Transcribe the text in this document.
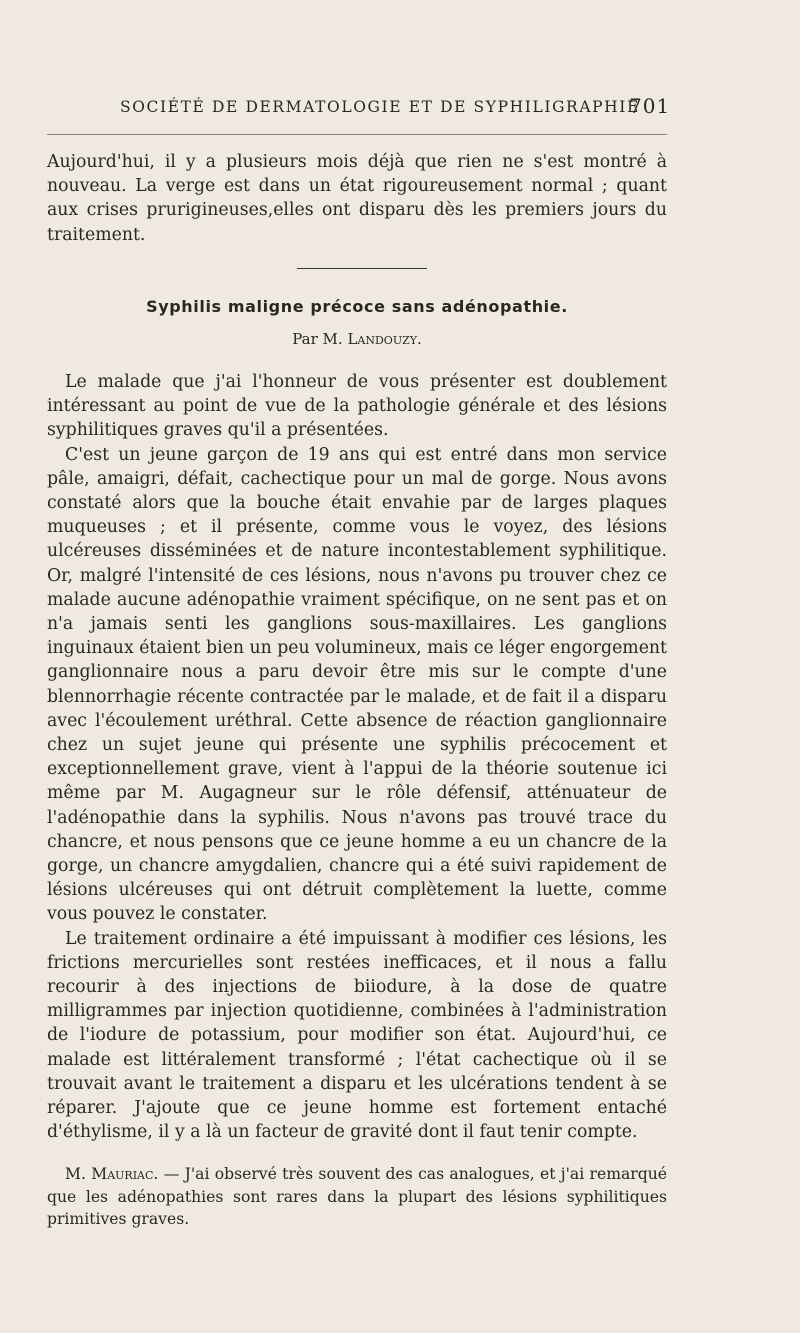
SOCIÉTÉ DE DERMATOLOGIE ET DE SYPHILIGRAPHIE
701

Aujourd'hui, il y a plusieurs mois déjà que rien ne s'est montré à nouveau. La verge est dans un état rigoureusement normal ; quant aux crises prurigineuses,elles ont disparu dès les premiers jours du traitement.

Syphilis maligne précoce sans adénopathie.
Par M. Landouzy.

Le malade que j'ai l'honneur de vous présenter est doublement intéressant au point de vue de la pathologie générale et des lésions syphilitiques graves qu'il a présentées.

C'est un jeune garçon de 19 ans qui est entré dans mon service pâle, amaigri, défait, cachectique pour un mal de gorge. Nous avons constaté alors que la bouche était envahie par de larges plaques muqueuses ; et il présente, comme vous le voyez, des lésions ulcéreuses disséminées et de nature incontestablement syphilitique. Or, malgré l'intensité de ces lésions, nous n'avons pu trouver chez ce malade aucune adénopathie vraiment spécifique, on ne sent pas et on n'a jamais senti les ganglions sous-maxillaires. Les ganglions inguinaux étaient bien un peu volumineux, mais ce léger engorgement ganglionnaire nous a paru devoir être mis sur le compte d'une blennorrhagie récente contractée par le malade, et de fait il a disparu avec l'écoulement uréthral. Cette absence de réaction ganglionnaire chez un sujet jeune qui présente une syphilis précocement et exceptionnellement grave, vient à l'appui de la théorie soutenue ici même par M. Augagneur sur le rôle défensif, atténuateur de l'adénopathie dans la syphilis. Nous n'avons pas trouvé trace du chancre, et nous pensons que ce jeune homme a eu un chancre de la gorge, un chancre amygdalien, chancre qui a été suivi rapidement de lésions ulcéreuses qui ont détruit complètement la luette, comme vous pouvez le constater.

Le traitement ordinaire a été impuissant à modifier ces lésions, les frictions mercurielles sont restées inefficaces, et il nous a fallu recourir à des injections de biiodure, à la dose de quatre milligrammes par injection quotidienne, combinées à l'administration de l'iodure de potassium, pour modifier son état. Aujourd'hui, ce malade est littéralement transformé ; l'état cachectique où il se trouvait avant le traitement a disparu et les ulcérations tendent à se réparer. J'ajoute que ce jeune homme est fortement entaché d'éthylisme, il y a là un facteur de gravité dont il faut tenir compte.

M. Mauriac. — J'ai observé très souvent des cas analogues, et j'ai remarqué que les adénopathies sont rares dans la plupart des lésions syphilitiques primitives graves.
